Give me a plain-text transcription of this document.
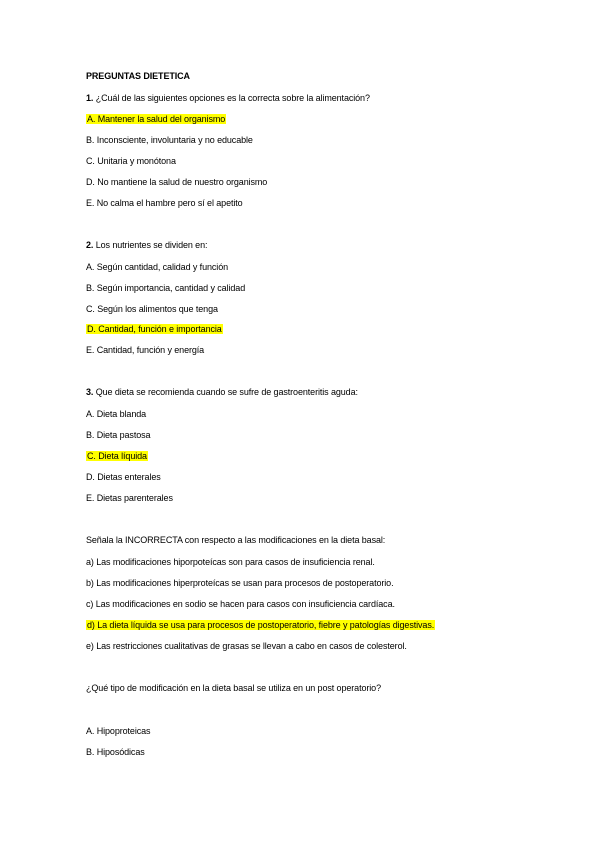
PREGUNTAS DIETETICA
1. ¿Cuál de las siguientes opciones es la correcta sobre la alimentación?
A. Mantener la salud del organismo
B. Inconsciente, involuntaria y no educable
C. Unitaria y monótona
D. No mantiene la salud de nuestro organismo
E. No calma el hambre pero sí el apetito
2. Los nutrientes se dividen en:
A. Según cantidad, calidad y función
B. Según importancia, cantidad y calidad
C. Según los alimentos que tenga
D. Cantidad, función e importancia
E. Cantidad, función y energía
3. Que dieta se recomienda cuando se sufre de gastroenteritis aguda:
A. Dieta blanda
B. Dieta pastosa
C. Dieta líquida
D. Dietas enterales
E. Dietas parenterales
Señala la INCORRECTA con respecto a las modificaciones en la dieta basal:
a) Las modificaciones hiporpoteícas son para casos de insuficiencia renal.
b) Las modificaciones hiperproteícas se usan para procesos de postoperatorio.
c) Las modificaciones en sodio se hacen para casos con insuficiencia cardíaca.
d) La dieta líquida se usa para procesos de postoperatorio, fiebre y patologías digestivas.
e) Las restricciones cualitativas de grasas se llevan a cabo en casos de colesterol.
¿Qué tipo de modificación en la dieta basal se utiliza en un post operatorio?
A. Hipoproteicas
B. Hiposódicas
